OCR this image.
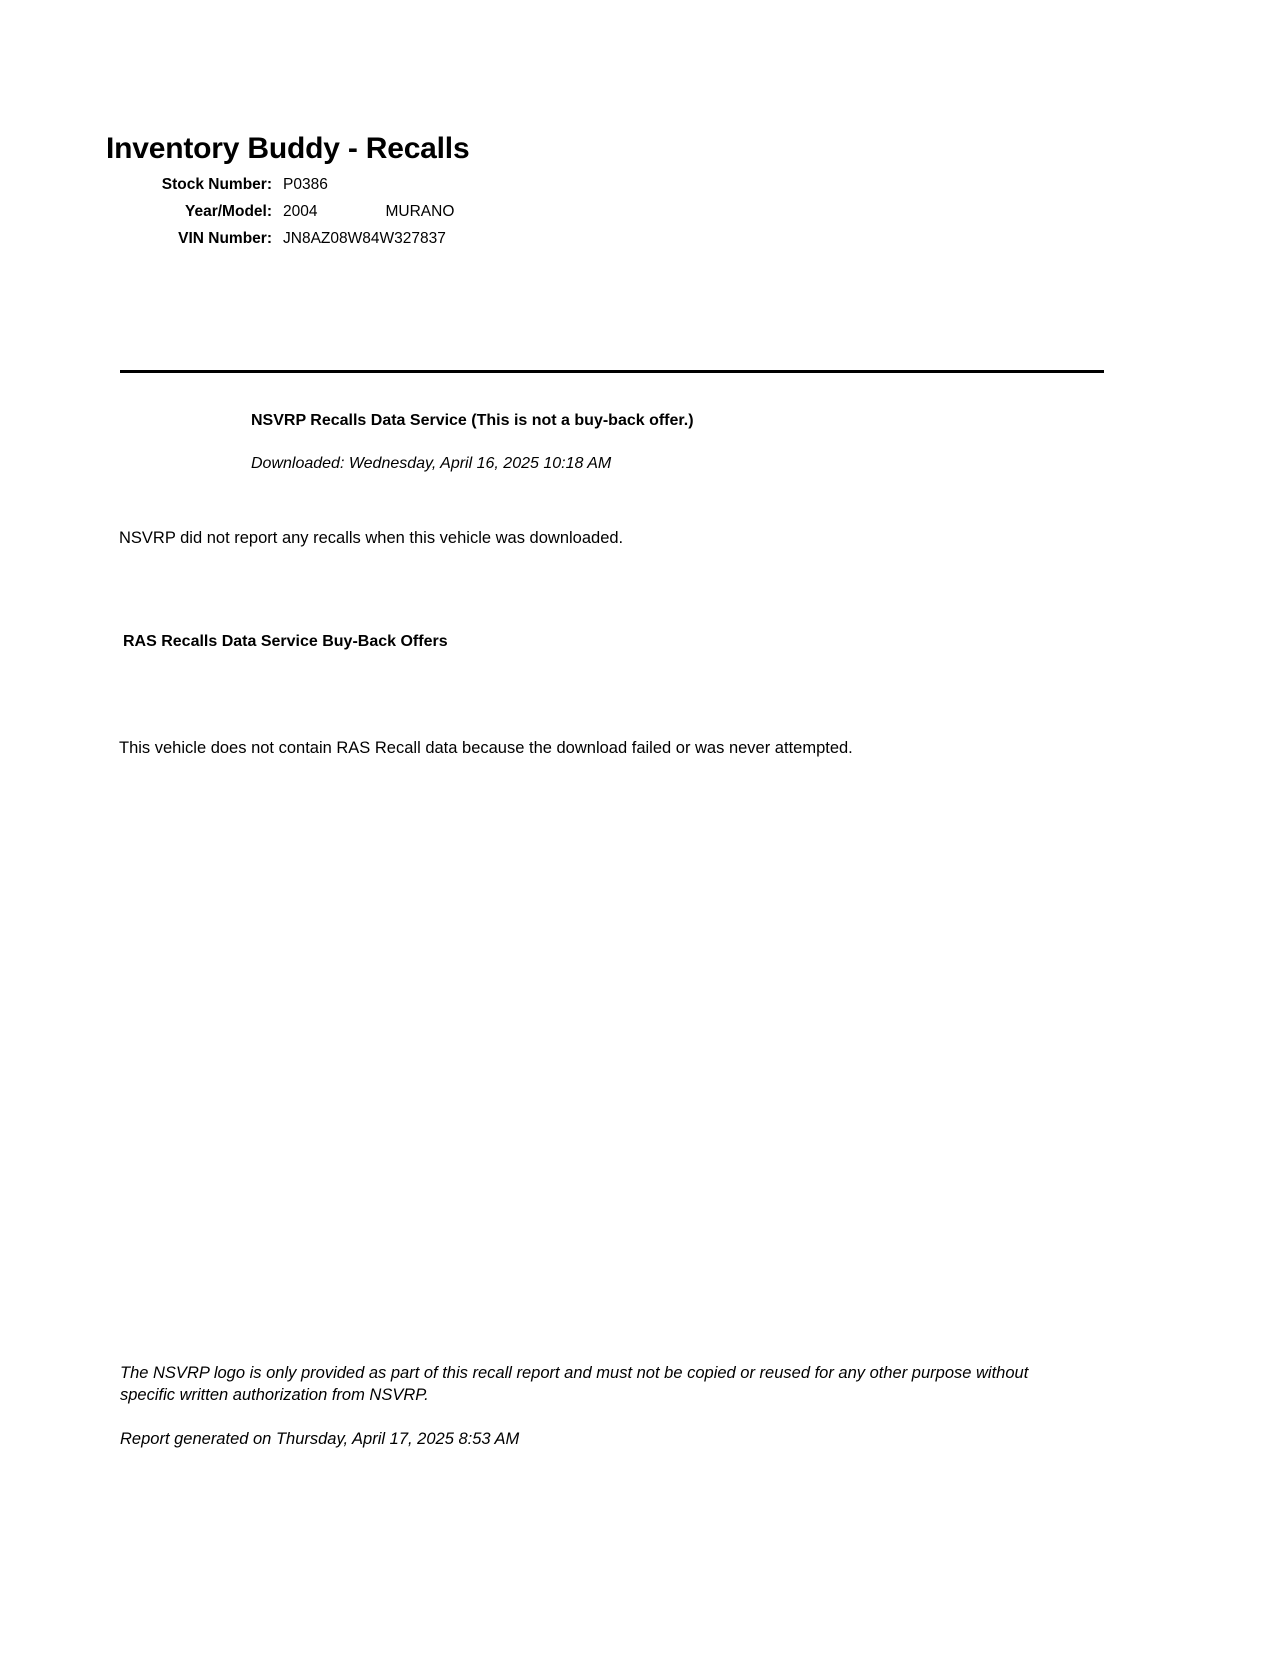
Inventory Buddy - Recalls
Stock Number: P0386
Year/Model: 2004	MURANO
VIN Number: JN8AZ08W84W327837
NSVRP Recalls Data Service (This is not a buy-back offer.)
Downloaded: Wednesday, April 16, 2025 10:18 AM
NSVRP did not report any recalls when this vehicle was downloaded.
RAS Recalls Data Service Buy-Back Offers
This vehicle does not contain RAS Recall data because the download failed or was never attempted.
The NSVRP logo is only provided as part of this recall report and must not be copied or reused for any other purpose without specific written authorization from NSVRP.
Report generated on Thursday, April 17, 2025 8:53 AM
